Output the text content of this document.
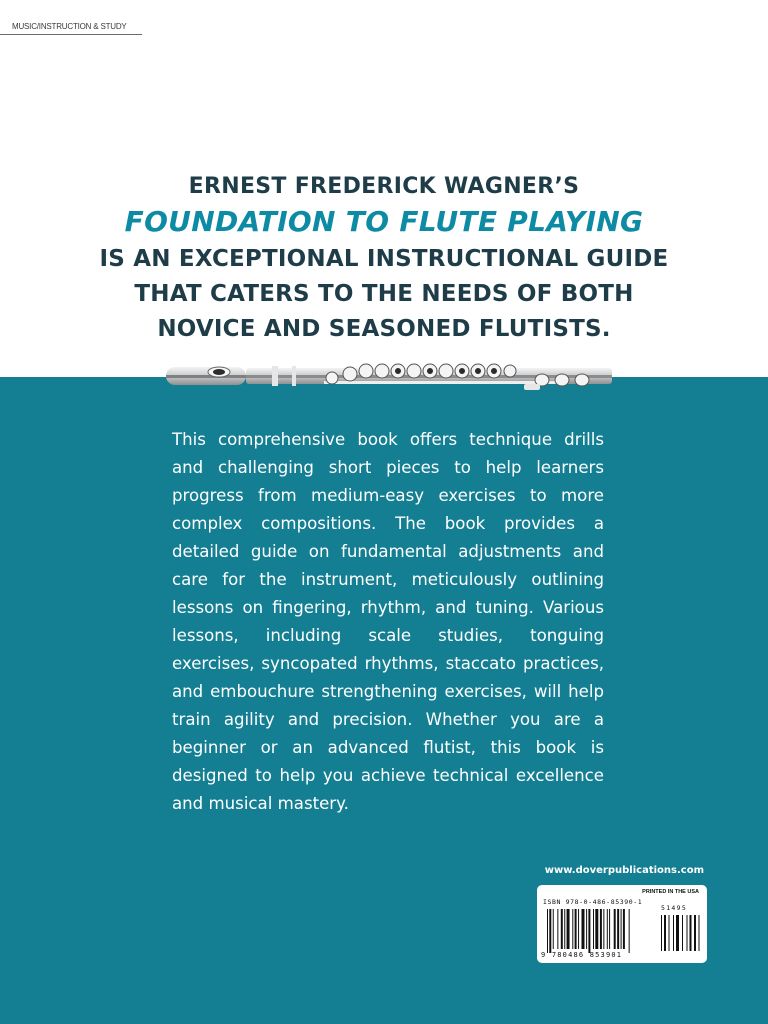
MUSIC/INSTRUCTION & STUDY
ERNEST FREDERICK WAGNER’S
FOUNDATION TO FLUTE PLAYING
IS AN EXCEPTIONAL INSTRUCTIONAL GUIDE
THAT CATERS TO THE NEEDS OF BOTH
NOVICE AND SEASONED FLUTISTS.
This comprehensive book offers technique drills and challenging short pieces to help learners progress from medium-easy exercises to more complex compositions. The book provides a detailed guide on fundamental adjustments and care for the instrument, meticulously outlining lessons on fingering, rhythm, and tuning. Various lessons, including scale studies, tonguing exercises, syncopated rhythms, staccato practices, and embouchure strengthening exercises, will help train agility and precision. Whether you are a beginner or an advanced flutist, this book is designed to help you achieve technical excellence and musical mastery.
www.doverpublications.com
PRINTED IN THE USA
ISBN 978-0-486-85390-1
51495
9 780486 853901
